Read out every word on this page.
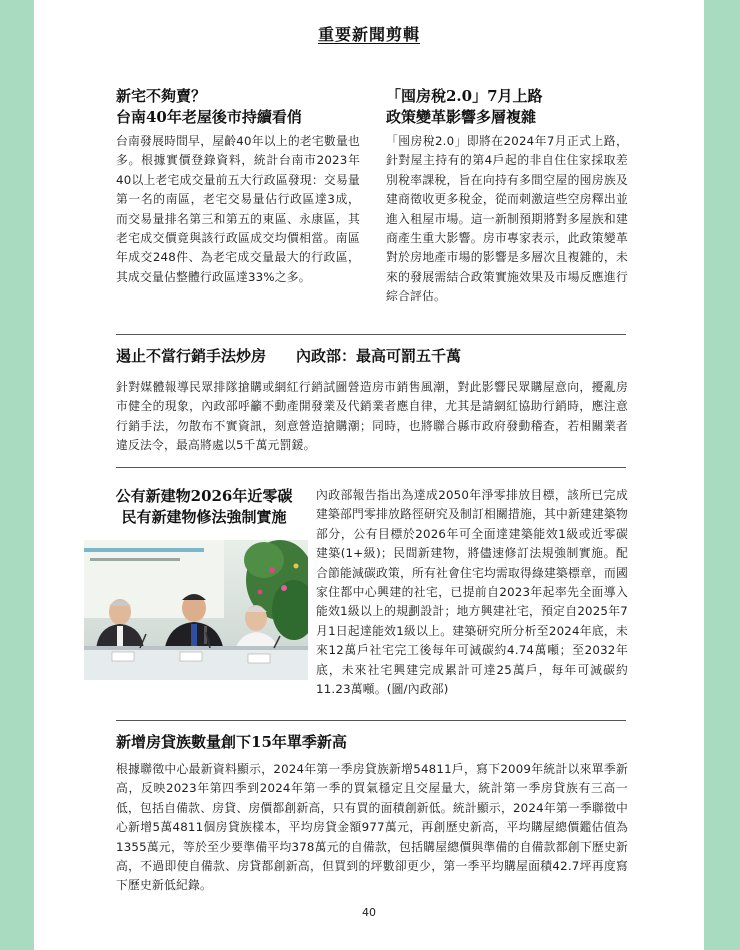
重要新聞剪輯
新宅不夠賣？
台南40年老屋後市持續看俏
台南發展時間早，屋齡40年以上的老宅數量也多。根據實價登錄資料，統計台南市2023年40以上老宅成交量前五大行政區發現：交易量第一名的南區，老宅交易量佔行政區達3成，而交易量排名第三和第五的東區、永康區，其老宅成交價竟與該行政區成交均價相當。南區年成交248件、為老宅成交量最大的行政區，其成交量佔整體行政區達33%之多。
「囤房稅2.0」7月上路
政策變革影響多層複雜
「囤房稅2.0」即將在2024年7月正式上路，針對屋主持有的第4戶起的非自住住家採取差別稅率課稅，旨在向持有多間空屋的囤房族及建商徵收更多稅金，從而刺激這些空房釋出並進入租屋市場。這一新制預期將對多屋族和建商產生重大影響。房市專家表示，此政策變革對於房地產市場的影響是多層次且複雜的，未來的發展需結合政策實施效果及市場反應進行綜合評估。
遏止不當行銷手法炒房　　內政部：最高可罰五千萬
針對媒體報導民眾排隊搶購或網紅行銷試圖營造房市銷售風潮，對此影響民眾購屋意向，擾亂房市健全的現象，內政部呼籲不動產開發業及代銷業者應自律，尤其是請網紅協助行銷時，應注意行銷手法，勿散布不實資訊，刻意營造搶購潮；同時，也將聯合縣市政府發動稽查，若相關業者違反法令，最高將處以5千萬元罰鍰。
公有新建物2026年近零碳
民有新建物修法強制實施
內政部報告指出為達成2050年淨零排放目標，該所已完成建築部門零排放路徑研究及制訂相關措施，其中新建建築物部分，公有目標於2026年可全面達建築能效1級或近零碳建築(1+級)；民間新建物，將儘速修訂法規強制實施。配合節能減碳政策，所有社會住宅均需取得綠建築標章，而國家住都中心興建的社宅，已提前自2023年起率先全面導入能效1級以上的規劃設計；地方興建社宅，預定自2025年7月1日起達能效1級以上。建築研究所分析至2024年底，未來12萬戶社宅完工後每年可減碳約4.74萬噸；至2032年底，未來社宅興建完成累計可達25萬戶，每年可減碳約11.23萬噸。(圖/內政部)
新增房貸族數量創下15年單季新高
根據聯徵中心最新資料顯示，2024年第一季房貸族新增54811戶，寫下2009年統計以來單季新高，反映2023年第四季到2024年第一季的買氣穩定且交屋量大，統計第一季房貸族有三高一低，包括自備款、房貸、房價都創新高，只有買的面積創新低。統計顯示，2024年第一季聯徵中心新增5萬4811個房貸族樣本，平均房貸金額977萬元，再創歷史新高，平均購屋總價鑑估值為1355萬元，等於至少要準備平均378萬元的自備款，包括購屋總價與準備的自備款都創下歷史新高，不過即使自備款、房貸都創新高，但買到的坪數卻更少，第一季平均購屋面積42.7坪再度寫下歷史新低紀錄。
40
